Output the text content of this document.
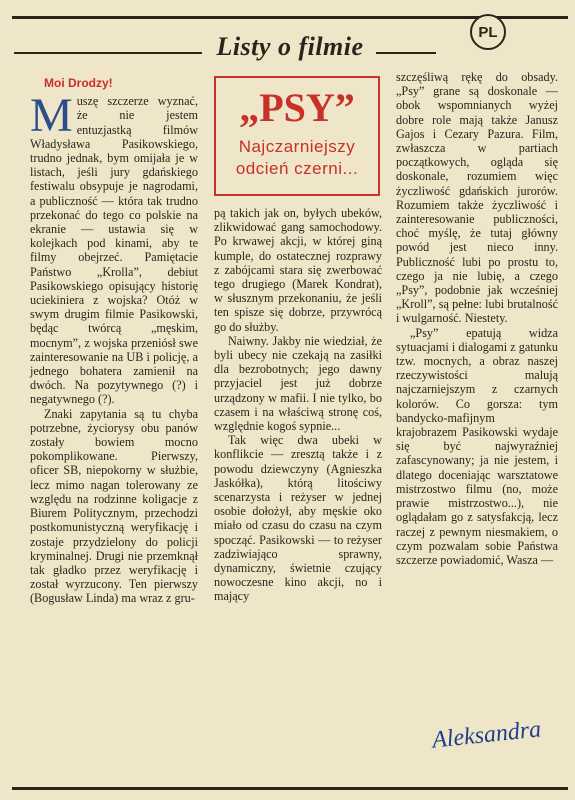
Listy o filmie	PL
Moi Drodzy!

Muszę szczerze wyznać, że nie jestem entuzjastką filmów Władysława Pasikowskiego, trudno jednak, bym omijała je w listach, jeśli jury gdańskiego festiwalu obsypuje je nagrodami, a publiczność — która tak trudno przekonać do tego co polskie na ekranie — ustawia się w kolejkach pod kinami, aby te filmy obejrzeć. Pamiętacie Państwo „Krolla”, debiut Pasikowskiego opisujący historię uciekiniera z wojska? Otóż w swym drugim filmie Pasikowski, będąc twórcą „męskim, mocnym”, z wojska przeniósł swe zainteresowanie na UB i policję, a jednego bohatera zamienił na dwóch. Na pozytywnego (?) i negatywnego (?).

Znaki zapytania są tu chyba potrzebne, życiorysy obu panów zostały bowiem mocno pokomplikowane. Pierwszy, oficer SB, niepokorny w służbie, lecz mimo nagan tolerowany ze względu na rodzinne koligacje z Biurem Politycznym, przechodzi postkomunistyczną weryfikację i zostaje przydzielony do policji kryminalnej. Drugi nie przemknął tak gładko przez weryfikację i został wyrzucony. Ten pierwszy (Bogusław Linda) ma wraz z gru-

„PSY”
Najczarniejszy odcień czerni...

pą takich jak on, byłych ubeków, zlikwidować gang samochodowy. Po krwawej akcji, w której giną kumple, do ostatecznej rozprawy z zabójcami stara się zwerbować tego drugiego (Marek Kondrat), w słusznym przekonaniu, że jeśli ten spisze się dobrze, przywrócą go do służby.

Naiwny. Jakby nie wiedział, że byli ubecy nie czekają na zasiłki dla bezrobotnych; jego dawny przyjaciel jest już dobrze urządzony w mafii. I nie tylko, bo czasem i na właściwą stronę coś, względnie kogoś sypnie...

Tak więc dwa ubeki w konflikcie — zresztą także i z powodu dziewczyny (Agnieszka Jaskółka), którą litościwy scenarzysta i reżyser w jednej osobie dołożył, aby męskie oko miało od czasu do czasu na czym spocząć. Pasikowski — to reżyser zadziwiająco sprawny, dynamiczny, świetnie czujący nowoczesne kino akcji, no i mający

szczęśliwą rękę do obsady. „Psy” grane są doskonale — obok wspomnianych wyżej dobre role mają także Janusz Gajos i Cezary Pazura. Film, zwłaszcza w partiach początkowych, ogląda się doskonale, rozumiem więc życzliwość gdańskich jurorów. Rozumiem także życzliwość i zainteresowanie publiczności, choć myślę, że tutaj główny powód jest nieco inny. Publiczność lubi po prostu to, czego ja nie lubię, a czego „Psy”, podobnie jak wcześniej „Kroll”, są pełne: lubi brutalność i wulgarność. Niestety.

„Psy” epatują widza sytuacjami i dialogami z gatunku tzw. mocnych, a obraz naszej rzeczywistości malują najczarniejszym z czarnych kolorów. Co gorsza: tym bandycko-mafijnym krajobrazem Pasikowski wydaje się być najwyraźniej zafascynowany; ja nie jestem, i dlatego doceniając warsztatowe mistrzostwo filmu (no, może prawie mistrzostwo...), nie oglądałam go z satysfakcją, lecz raczej z pewnym niesmakiem, o czym pozwalam sobie Państwa szczerze powiadomić, Wasza —

Aleksandra
